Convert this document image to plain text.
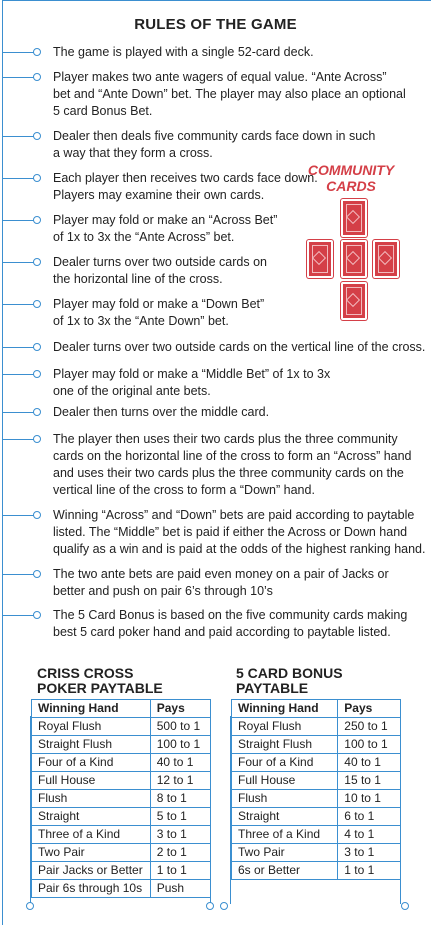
RULES OF THE GAME
The game is played with a single 52-card deck.
Player makes two ante wagers of equal value. “Ante Across”
bet and “Ante Down” bet. The player may also place an optional
5 card Bonus Bet.
Dealer then deals five community cards face down in such
a way that they form a cross.
Each player then receives two cards face down.
Players may examine their own cards.
Player may fold or make an “Across Bet”
of 1x to 3x the “Ante Across” bet.
Dealer turns over two outside cards on
the horizontal line of the cross.
Player may fold or make a “Down Bet”
of 1x to 3x the “Ante Down” bet.
Dealer turns over two outside cards on the vertical line of the cross.
Player may fold or make a “Middle Bet” of 1x to 3x
one of the original ante bets.
Dealer then turns over the middle card.
The player then uses their two cards plus the three community
cards on the horizontal line of the cross to form an “Across” hand
and uses their two cards plus the three community cards on the
vertical line of the cross to form a “Down” hand.
Winning “Across” and “Down” bets are paid according to paytable
listed. The “Middle” bet is paid if either the Across or Down hand
qualify as a win and is paid at the odds of the highest ranking hand.
The two ante bets are paid even money on a pair of Jacks or
better and push on pair 6’s through 10’s
The 5 Card Bonus is based on the five community cards making
best 5 card poker hand and paid according to paytable listed.
COMMUNITY
CARDS
CRISS CROSS
POKER PAYTABLE
Winning Hand	Pays
Royal Flush	500 to 1
Straight Flush	100 to 1
Four of a Kind	40 to 1
Full House	12 to 1
Flush	8 to 1
Straight	5 to 1
Three of a Kind	3 to 1
Two Pair	2 to 1
Pair Jacks or Better	1 to 1
Pair 6s through 10s	Push
5 CARD BONUS
PAYTABLE
Winning Hand	Pays
Royal Flush	250 to 1
Straight Flush	100 to 1
Four of a Kind	40 to 1
Full House	15 to 1
Flush	10 to 1
Straight	6 to 1
Three of a Kind	4 to 1
Two Pair	3 to 1
6s or Better	1 to 1
